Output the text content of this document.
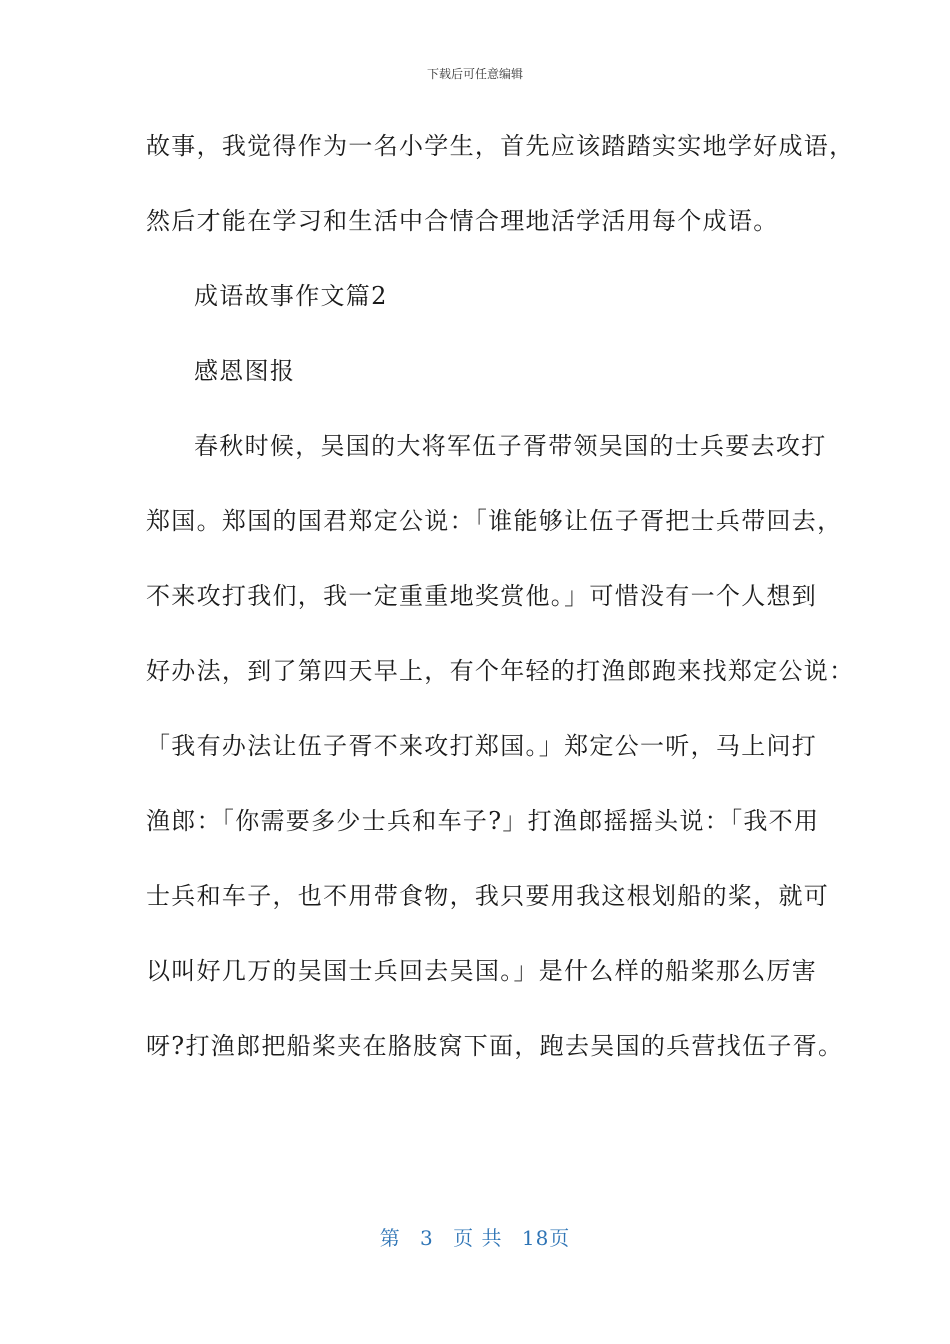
下载后可任意编辑
故事，我觉得作为一名小学生，首先应该踏踏实实地学好成语，
然后才能在学习和生活中合情合理地活学活用每个成语。
成语故事作文篇2
感恩图报
春秋时候，吴国的大将军伍子胥带领吴国的士兵要去攻打
郑国。郑国的国君郑定公说：「谁能够让伍子胥把士兵带回去，
不来攻打我们，我一定重重地奖赏他。」可惜没有一个人想到
好办法，到了第四天早上，有个年轻的打渔郎跑来找郑定公说：
「我有办法让伍子胥不来攻打郑国。」郑定公一听，马上问打
渔郎：「你需要多少士兵和车子?」打渔郎摇摇头说：「我不用
士兵和车子，也不用带食物，我只要用我这根划船的桨，就可
以叫好几万的吴国士兵回去吴国。」是什么样的船桨那么厉害
呀?打渔郎把船桨夹在胳肢窝下面，跑去吴国的兵营找伍子胥。
第 3 页 共 18页
